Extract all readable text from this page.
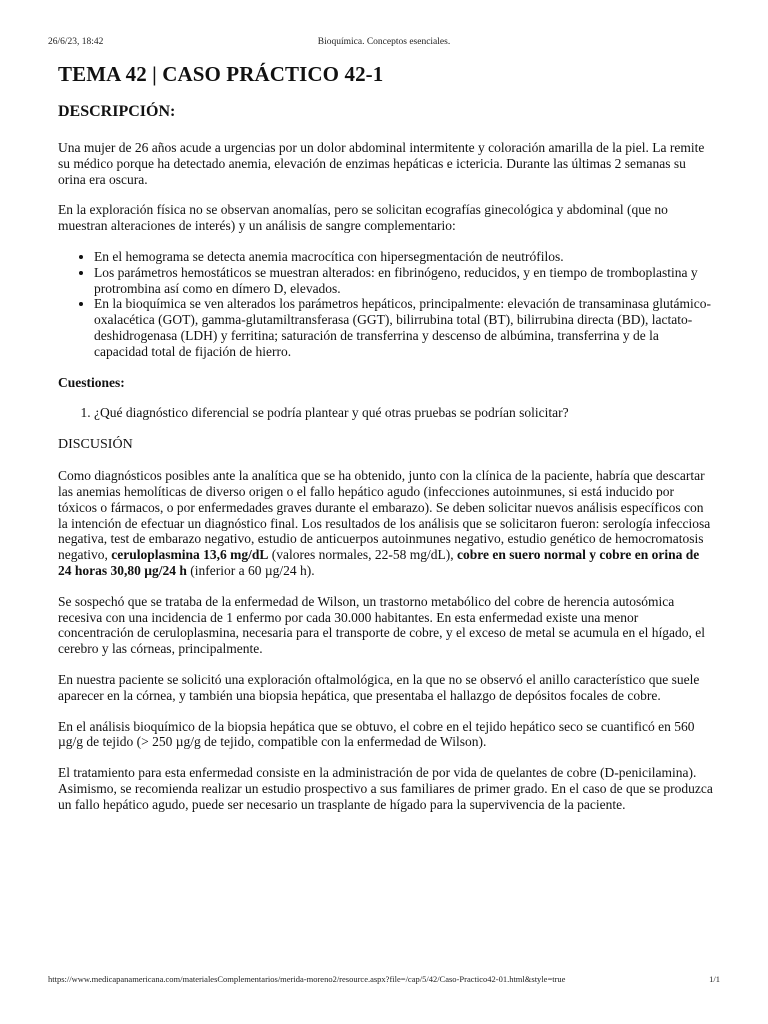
26/6/23, 18:42	Bioquímica. Conceptos esenciales.
TEMA 42 | CASO PRÁCTICO 42-1
DESCRIPCIÓN:

Una mujer de 26 años acude a urgencias por un dolor abdominal intermitente y coloración amarilla de la piel. La remite su médico porque ha detectado anemia, elevación de enzimas hepáticas e ictericia. Durante las últimas 2 semanas su orina era oscura.

En la exploración física no se observan anomalías, pero se solicitan ecografías ginecológica y abdominal (que no muestran alteraciones de interés) y un análisis de sangre complementario:

• En el hemograma se detecta anemia macrocítica con hipersegmentación de neutrófilos.
• Los parámetros hemostáticos se muestran alterados: en fibrinógeno, reducidos, y en tiempo de tromboplastina y protrombina así como en dímero D, elevados.
• En la bioquímica se ven alterados los parámetros hepáticos, principalmente: elevación de transaminasa glutámico-oxalacética (GOT), gamma-glutamiltransferasa (GGT), bilirrubina total (BT), bilirrubina directa (BD), lactato-deshidrogenasa (LDH) y ferritina; saturación de transferrina y descenso de albúmina, transferrina y de la capacidad total de fijación de hierro.

Cuestiones:

1. ¿Qué diagnóstico diferencial se podría plantear y qué otras pruebas se podrían solicitar?

DISCUSIÓN

Como diagnósticos posibles ante la analítica que se ha obtenido, junto con la clínica de la paciente, habría que descartar las anemias hemolíticas de diverso origen o el fallo hepático agudo (infecciones autoinmunes, si está inducido por tóxicos o fármacos, o por enfermedades graves durante el embarazo). Se deben solicitar nuevos análisis específicos con la intención de efectuar un diagnóstico final. Los resultados de los análisis que se solicitaron fueron: serología infecciosa negativa, test de embarazo negativo, estudio de anticuerpos autoinmunes negativo, estudio genético de hemocromatosis negativo, ceruloplasmina 13,6 mg/dL (valores normales, 22-58 mg/dL), cobre en suero normal y cobre en orina de 24 horas 30,80 µg/24 h (inferior a 60 µg/24 h).

Se sospechó que se trataba de la enfermedad de Wilson, un trastorno metabólico del cobre de herencia autosómica recesiva con una incidencia de 1 enfermo por cada 30.000 habitantes. En esta enfermedad existe una menor concentración de ceruloplasmina, necesaria para el transporte de cobre, y el exceso de metal se acumula en el hígado, el cerebro y las córneas, principalmente.

En nuestra paciente se solicitó una exploración oftalmológica, en la que no se observó el anillo característico que suele aparecer en la córnea, y también una biopsia hepática, que presentaba el hallazgo de depósitos focales de cobre.

En el análisis bioquímico de la biopsia hepática que se obtuvo, el cobre en el tejido hepático seco se cuantificó en 560 µg/g de tejido (> 250 µg/g de tejido, compatible con la enfermedad de Wilson).

El tratamiento para esta enfermedad consiste en la administración de por vida de quelantes de cobre (D-penicilamina). Asimismo, se recomienda realizar un estudio prospectivo a sus familiares de primer grado. En el caso de que se produzca un fallo hepático agudo, puede ser necesario un trasplante de hígado para la supervivencia de la paciente.

https://www.medicapanamericana.com/materialesComplementarios/merida-moreno2/resource.aspx?file=/cap/5/42/Caso-Practico42-01.html&style=true	1/1
